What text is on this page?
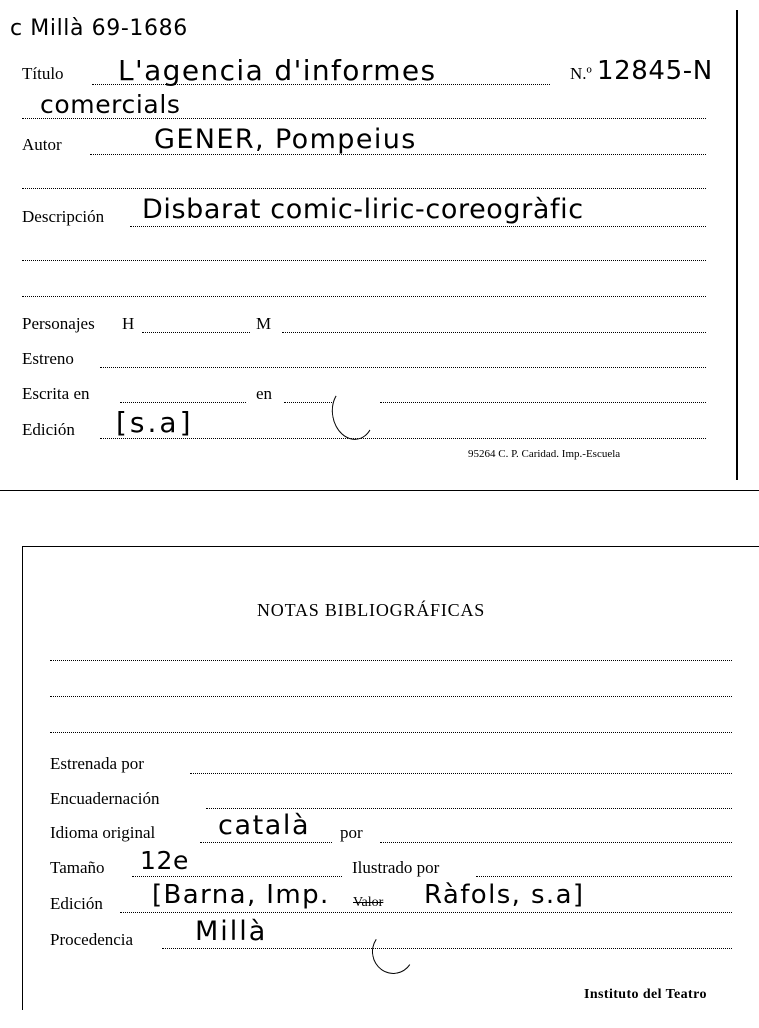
c Millà 69-1686
Título L'agencia d'informes	N.º 12845-N
comercials
Autor	GENER, Pompeius
Descripción Disbarat comic-liric-coreogràfic
Personajes H	M
Estreno
Escrita en	en
Edición [s.a]
95264 C. P. Caridad. Imp.-Escuela
NOTAS BIBLIOGRÁFICAS
Estrenada por
Encuadernación
Idioma original català por
Tamaño 12e	Ilustrado por
Edición [Barna, Imp. Valor Ràfols, s.a]
Procedencia Millà
Instituto del Teatro
